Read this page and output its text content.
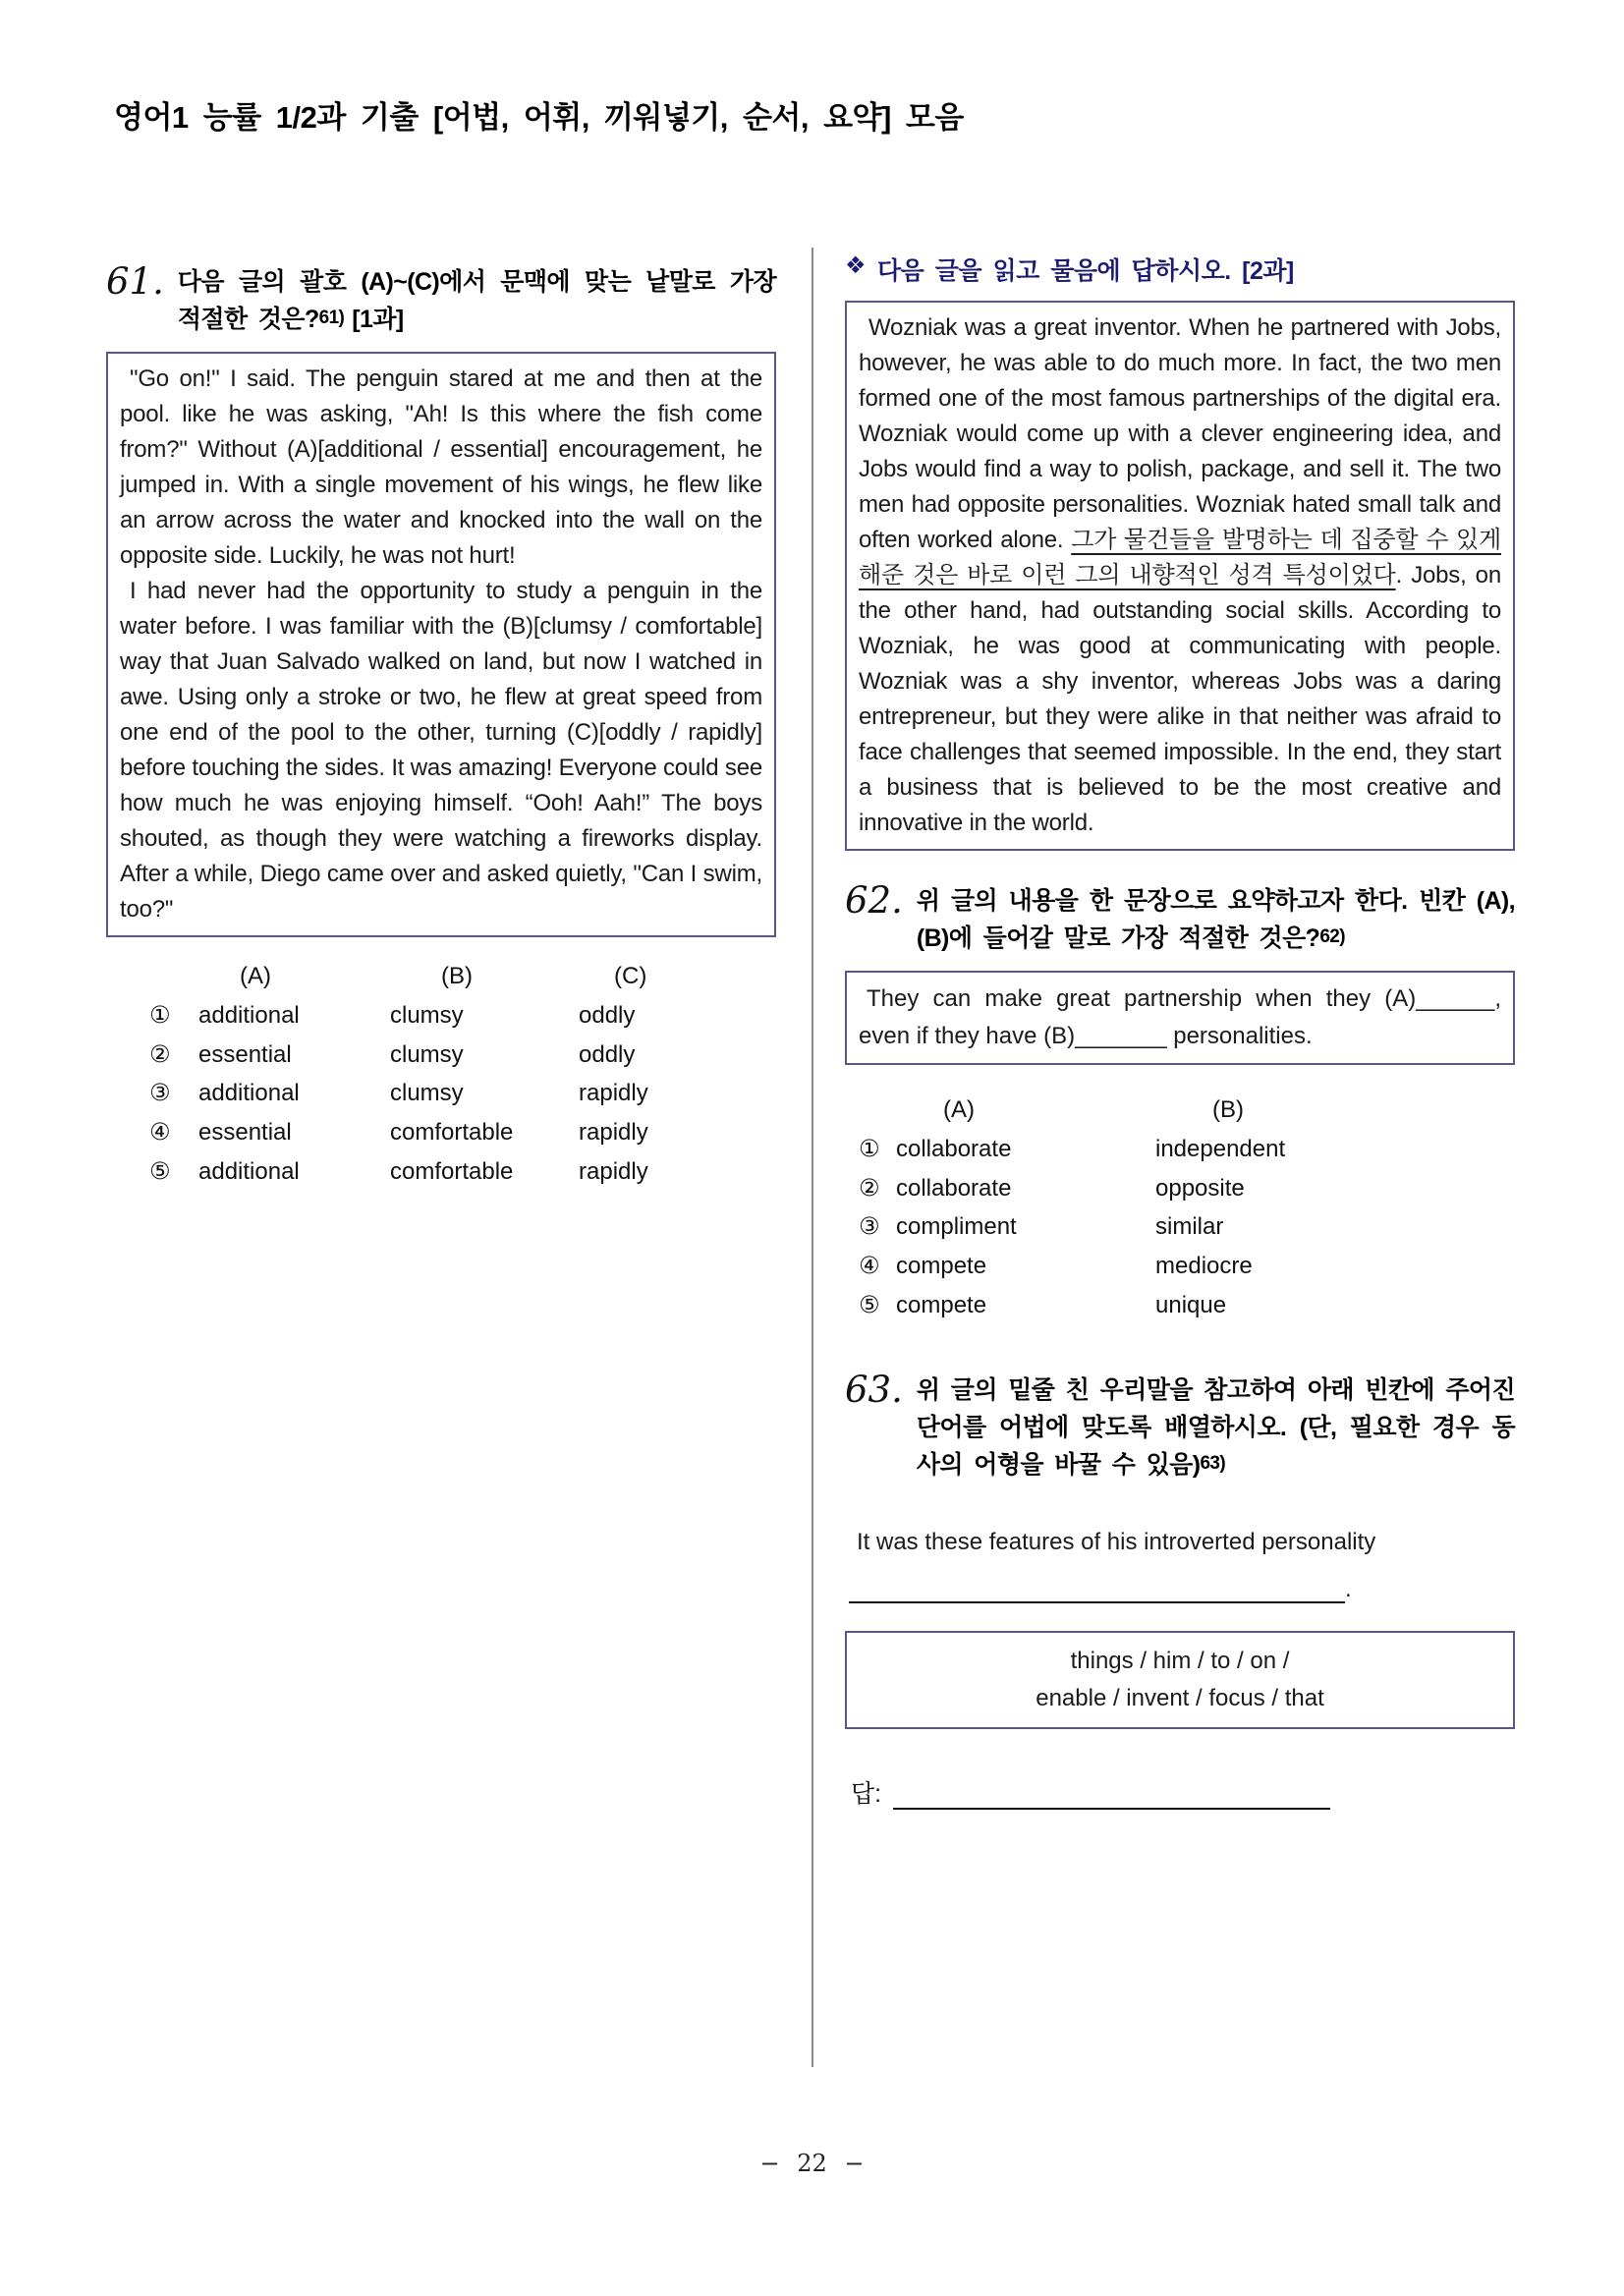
영어1 능률 1/2과 기출 [어법, 어휘, 끼워넣기, 순서, 요약] 모음
61. 다음 글의 괄호 (A)~(C)에서 문맥에 맞는 낱말로 가장 적절한 것은?61) [1과]

"Go on!" I said. The penguin stared at me and then at the pool. like he was asking, "Ah! Is this where the fish come from?" Without (A)[additional / essential] encouragement, he jumped in. With a single movement of his wings, he flew like an arrow across the water and knocked into the wall on the opposite side. Luckily, he was not hurt!

I had never had the opportunity to study a penguin in the water before. I was familiar with the (B)[clumsy / comfortable] way that Juan Salvado walked on land, but now I watched in awe. Using only a stroke or two, he flew at great speed from one end of the pool to the other, turning (C)[oddly / rapidly] before touching the sides. It was amazing! Everyone could see how much he was enjoying himself. “Ooh! Aah!” The boys shouted, as though they were watching a fireworks display. After a while, Diego came over and asked quietly, "Can I swim, too?"

(A)	(B)	(C)
①	additional	clumsy	oddly
②	essential	clumsy	oddly
③	additional	clumsy	rapidly
④	essential	comfortable	rapidly
⑤	additional	comfortable	rapidly
❖ 다음 글을 읽고 물음에 답하시오. [2과]

Wozniak was a great inventor. When he partnered with Jobs, however, he was able to do much more. In fact, the two men formed one of the most famous partnerships of the digital era. Wozniak would come up with a clever engineering idea, and Jobs would find a way to polish, package, and sell it. The two men had opposite personalities. Wozniak hated small talk and often worked alone. 그가 물건들을 발명하는 데 집중할 수 있게 해준 것은 바로 이런 그의 내향적인 성격 특성이었다. Jobs, on the other hand, had outstanding social skills. According to Wozniak, he was good at communicating with people. Wozniak was a shy inventor, whereas Jobs was a daring entrepreneur, but they were alike in that neither was afraid to face challenges that seemed impossible. In the end, they start a business that is believed to be the most creative and innovative in the world.

62. 위 글의 내용을 한 문장으로 요약하고자 한다. 빈칸 (A), (B)에 들어갈 말로 가장 적절한 것은?62)

They can make great partnership when they (A)______, even if they have (B)_______ personalities.

(A)	(B)
① collaborate	independent
② collaborate	opposite
③ compliment	similar
④ compete	mediocre
⑤ compete	unique
63. 위 글의 밑줄 친 우리말을 참고하여 아래 빈칸에 주어진 단어를 어법에 맞도록 배열하시오. (단, 필요한 경우 동사의 어형을 바꿀 수 있음)63)
It was these features of his introverted personality
.

things / him / to / on /

enable / invent / focus / that

답:
− 22 −
